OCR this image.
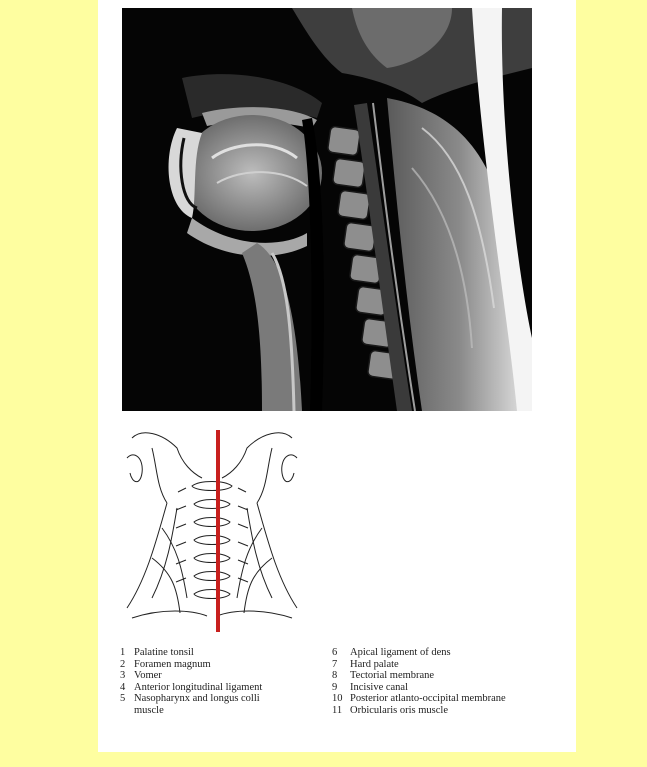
1 Palatine tonsil
2 Foramen magnum
3 Vomer
4 Anterior longitudinal ligament
5 Nasopharynx and longus colli muscle
6	Apical ligament of dens
7	Hard palate
8	Tectorial membrane
9	Incisive canal
10 Posterior atlanto-occipital membrane
11 Orbicularis oris muscle
